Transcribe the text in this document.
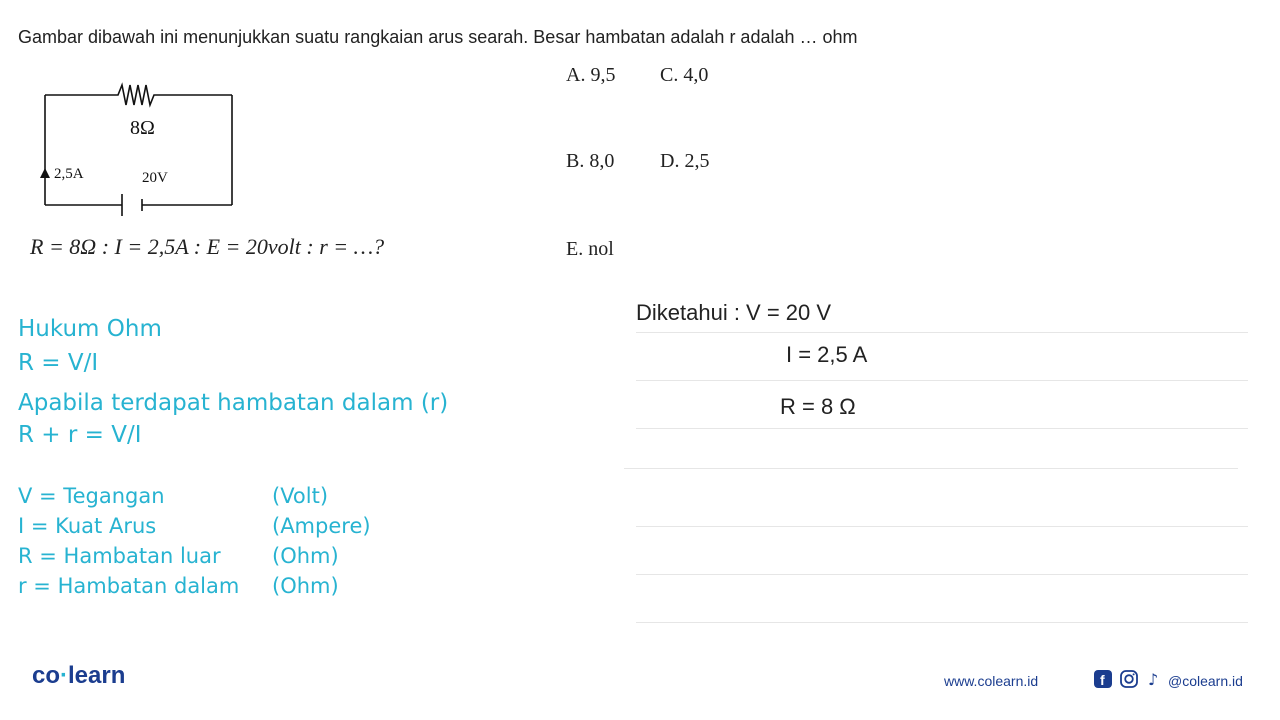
Gambar dibawah ini menunjukkan suatu rangkaian arus searah. Besar hambatan adalah r adalah … ohm
8Ω
2,5A	20V
R = 8Ω : I = 2,5A : E = 20volt : r = …?
A. 9,5 C. 4,0
B. 8,0 D. 2,5
E. nol
Hukum Ohm
R = V/I
Apabila terdapat hambatan dalam (r)
R + r = V/I
V = Tegangan	(Volt)
I = Kuat Arus	(Ampere)
R = Hambatan luar (Ohm)
r = Hambatan dalam (Ohm)
Diketahui : V = 20 V
I = 2,5 A
R = 8 Ω
co·learn	www.colearn.id	f	♪ @colearn.id
